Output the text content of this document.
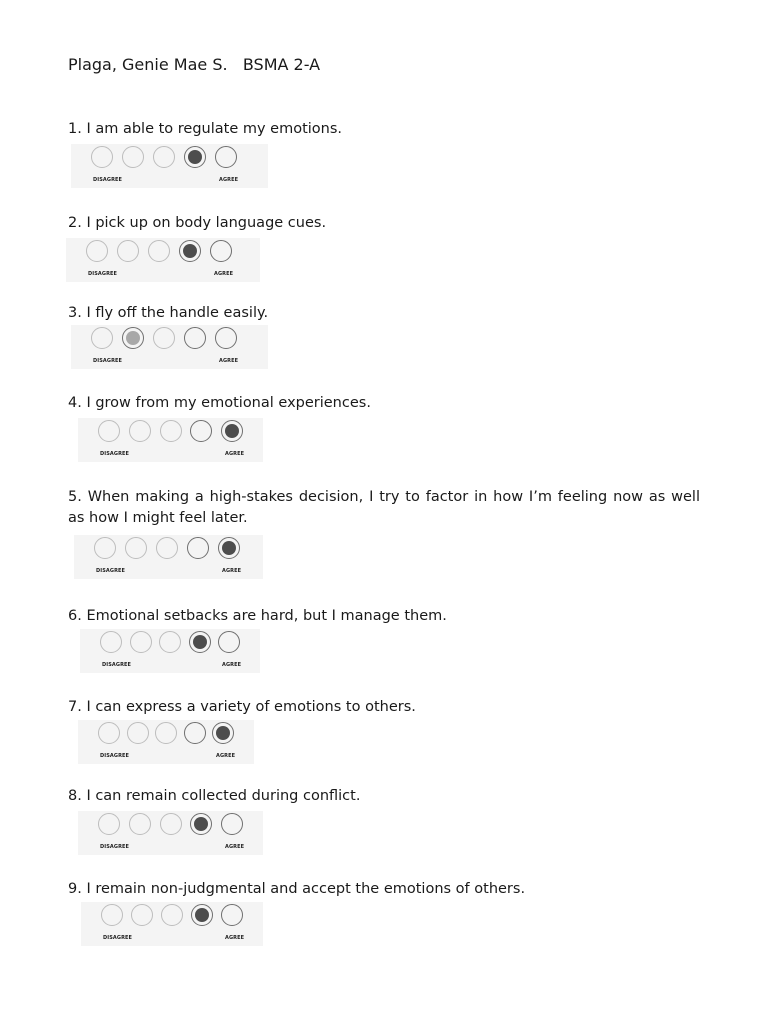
Plaga, Genie Mae S. BSMA 2-A
1. I am able to regulate my emotions.
DISAGREE	AGREE
2. I pick up on body language cues.
DISAGREE	AGREE
3. I fly off the handle easily.
DISAGREE	AGREE
4. I grow from my emotional experiences.
DISAGREE	AGREE
5. When making a high-stakes decision, I try to factor in how I’m feeling now as well as how I might feel later.
DISAGREE	AGREE
6. Emotional setbacks are hard, but I manage them.
DISAGREE	AGREE
7. I can express a variety of emotions to others.
DISAGREE	AGREE
8. I can remain collected during conflict.
DISAGREE	AGREE
9. I remain non-judgmental and accept the emotions of others.
DISAGREE	AGREE
